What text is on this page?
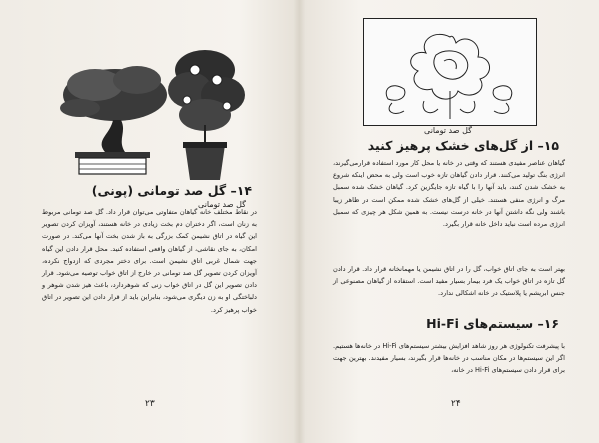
گل صد تومانی
۱۴– گل صد تومانی (پونی)
در نقاط مختلف خانه گیاهان متفاوتی می‌توان قرار داد. گل صد تومانی مربوط به زنان است، اگر دختران دم بخت زیادی در خانه هستند، آویزان کردن تصویر این گیاه در اتاق نشیمن کمک بزرگی به باز شدن بخت آنها می‌کند. در صورت امکان، به جای نقاشی، از گیاهان واقعی استفاده کنید. محل قرار دادن این گیاه جهت شمال غربی اتاق نشیمن است. برای دختر مجردی که ازدواج نکرده، آویزان کردن تصویر گل صد تومانی در خارج از اتاق خواب توصیه می‌شود. قرار دادن تصویر این گل در اتاق خواب زنی که شوهردارد، باعث هیز شدن شوهر و دلباختگی او به زن دیگری می‌شود، بنابراین باید از قرار دادن این تصویر در اتاق خواب پرهیز کرد.
۲۳
گل صد تومانی
۱۵– از گل‌های خشک پرهیز کنید
گیاهان عناصر مفیدی هستند که وقتی در خانه یا محل کار مورد استفاده قرارمی‌گیرند، انرژی بنگ تولید می‌کنند. قرار دادن گیاهان تازه خوب است ولی به محض اینکه شروع به خشک شدن کنند، باید آنها را با گیاه تازه جایگزین کرد. گیاهان خشک شده سمبل مرگ و انرژی منفی هستند. خیلی از گل‌های خشک شده ممکن است در ظاهر زیبا باشند ولی نگه داشتن آنها در خانه درست نیست. به همین شکل هر چیزی که سمبل انرژی مرده است نباید داخل خانه قرار بگیرد.
بهتر است به جای اتاق خواب، گل را در اتاق نشیمن یا مهمانخانه قرار داد. قرار دادن گل تازه در اتاق خواب یک فرد بیمار بسیار مفید است. استفاده از گیاهان مصنوعی از جنس ابریشم یا پلاستیک در خانه اشکالی ندارد.
۱۶– سیستم‌های Hi-Fi
با پیشرفت تکنولوژی هر روز شاهد افزایش بیشتر سیستم‌های Hi-Fi در خانه‌ها هستیم. اگر این سیستم‌ها در مکان مناسب در خانه‌ها قرار بگیرند، بسیار مفیدند. بهترین جهت برای قرار دادن سیستم‌های Hi-Fi در خانه،
۲۴
